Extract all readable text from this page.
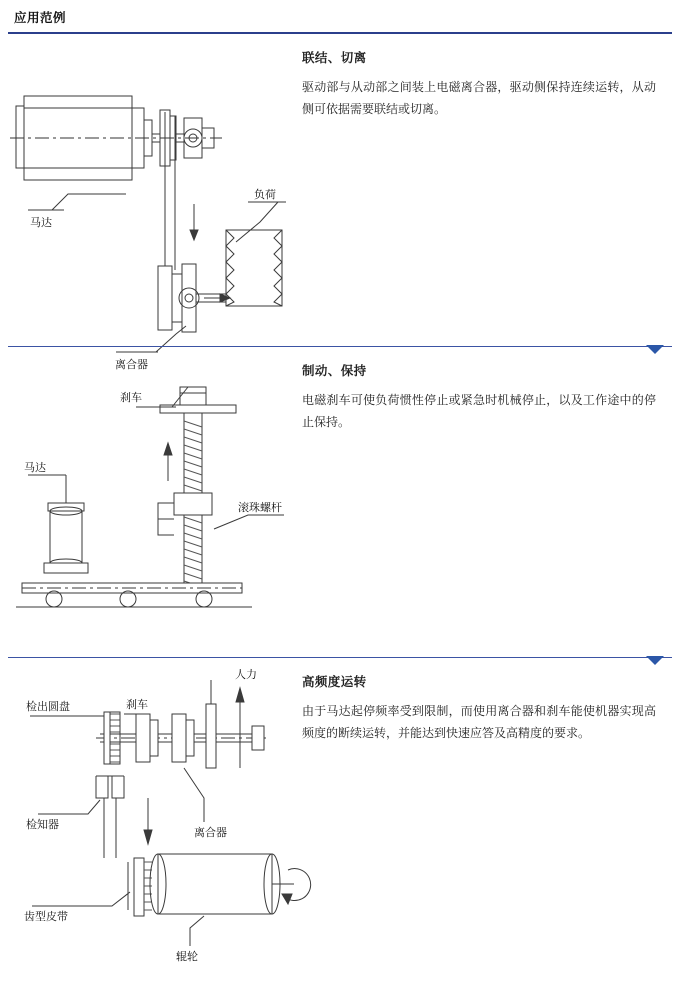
应用范例
马达
负荷
离合器
联结、切离
驱动部与从动部之间装上电磁离合器，驱动侧保持连续运转，从动侧可依据需要联结或切离。
刹车
马达
滚珠螺杆
制动、保持
电磁刹车可使负荷惯性停止或紧急时机械停止，以及工作途中的停止保持。
检出圆盘	刹车
人力
检知器
离合器
齿型皮带
辊轮
高频度运转
由于马达起停频率受到限制，而使用离合器和刹车能使机器实现高频度的断续运转，并能达到快速应答及高精度的要求。
